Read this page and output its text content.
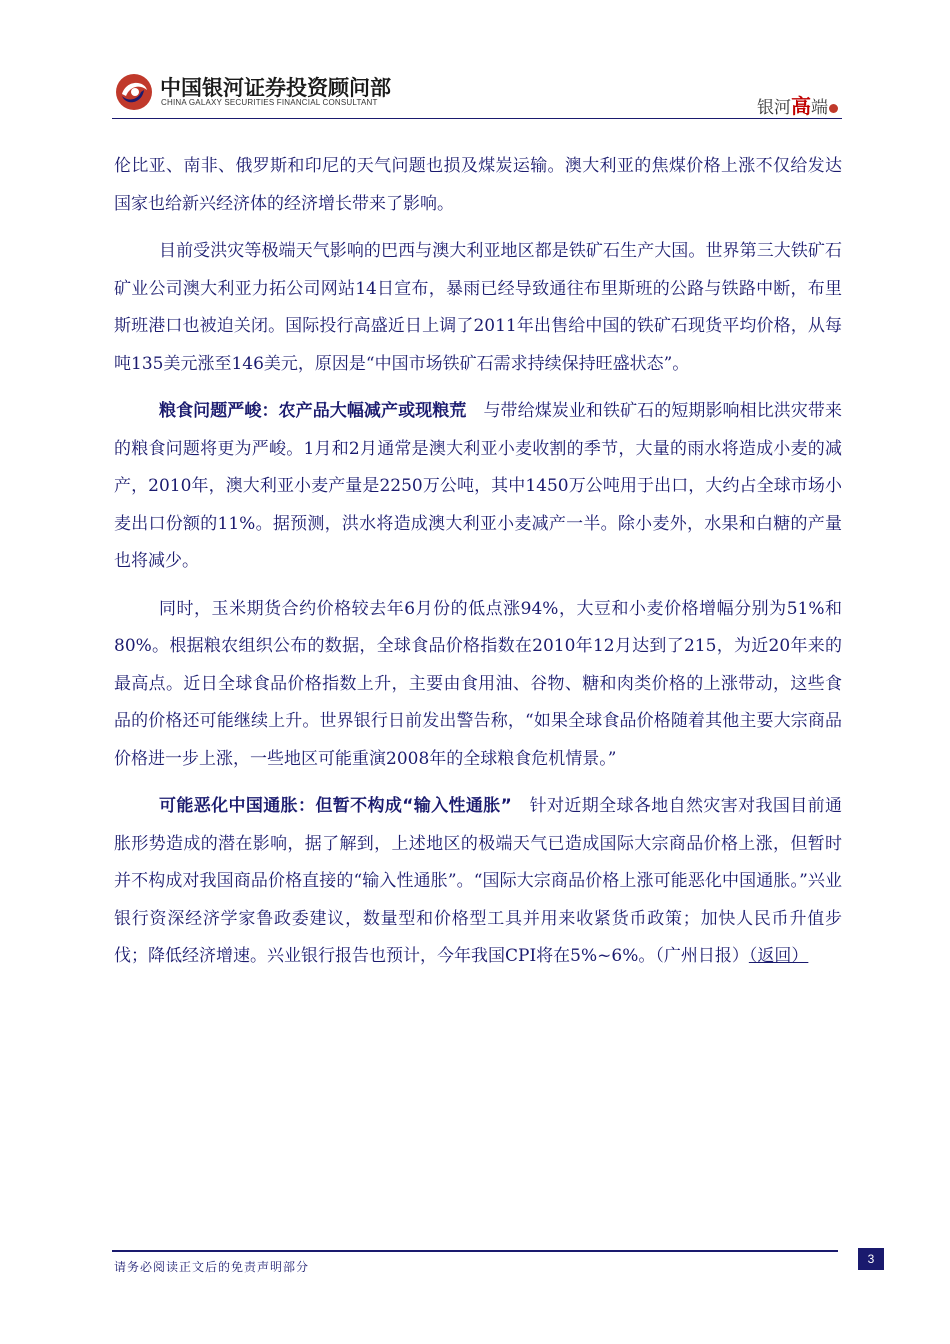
中国银河证券投资顾问部
CHINA GALAXY SECURITIES FINANCIAL CONSULTANT	银河高端

伦比亚、南非、俄罗斯和印尼的天气问题也损及煤炭运输。澳大利亚的焦煤价格上涨不仅给发达国家也给新兴经济体的经济增长带来了影响。

目前受洪灾等极端天气影响的巴西与澳大利亚地区都是铁矿石生产大国。世界第三大铁矿石矿业公司澳大利亚力拓公司网站14日宣布，暴雨已经导致通往布里斯班的公路与铁路中断，布里斯班港口也被迫关闭。国际投行高盛近日上调了2011年出售给中国的铁矿石现货平均价格，从每吨135美元涨至146美元，原因是“中国市场铁矿石需求持续保持旺盛状态”。

粮食问题严峻：农产品大幅减产或现粮荒　 与带给煤炭业和铁矿石的短期影响相比洪灾带来的粮食问题将更为严峻。1月和2月通常是澳大利亚小麦收割的季节，大量的雨水将造成小麦的减产，2010年，澳大利亚小麦产量是2250万公吨，其中1450万公吨用于出口，大约占全球市场小麦出口份额的11%。据预测，洪水将造成澳大利亚小麦减产一半。除小麦外，水果和白糖的产量也将减少。

同时，玉米期货合约价格较去年6月份的低点涨94%，大豆和小麦价格增幅分别为51%和80%。根据粮农组织公布的数据，全球食品价格指数在2010年12月达到了215，为近20年来的最高点。近日全球食品价格指数上升，主要由食用油、谷物、糖和肉类价格的上涨带动，这些食品的价格还可能继续上升。世界银行日前发出警告称，“如果全球食品价格随着其他主要大宗商品价格进一步上涨，一些地区可能重演2008年的全球粮食危机情景。”

可能恶化中国通胀：但暂不构成“输入性通胀”　 针对近期全球各地自然灾害对我国目前通胀形势造成的潜在影响，据了解到，上述地区的极端天气已造成国际大宗商品价格上涨，但暂时并不构成对我国商品价格直接的“输入性通胀”。“国际大宗商品价格上涨可能恶化中国通胀。”兴业银行资深经济学家鲁政委建议，数量型和价格型工具并用来收紧货币政策；加快人民币升值步伐；降低经济增速。兴业银行报告也预计，今年我国CPI将在5%~6%。（广州日报）（返回）

请务必阅读正文后的免责声明部分
3
